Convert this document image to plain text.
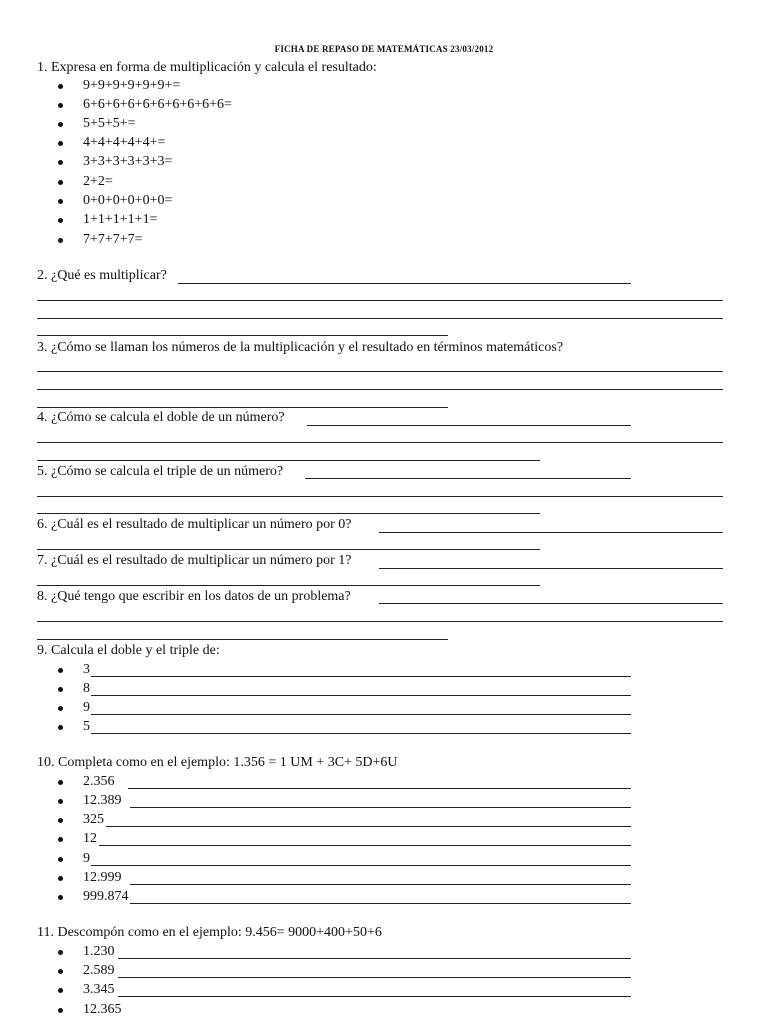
FICHA DE REPASO DE MATEMÁTICAS 23/03/2012
1. Expresa en forma de multiplicación y calcula el resultado:
9+9+9+9+9+9+=
6+6+6+6+6+6+6+6+6+6=
5+5+5+=
4+4+4+4+4+=
3+3+3+3+3+3=
2+2=
0+0+0+0+0+0=
1+1+1+1+1=
7+7+7+7=
2. ¿Qué es multiplicar?
3. ¿Cómo se llaman los números de la multiplicación y el resultado en términos matemáticos?
4. ¿Cómo se calcula el doble de un número?
5. ¿Cómo se calcula el triple de un número?
6. ¿Cuál es el resultado de multiplicar un número por 0?
7. ¿Cuál es el resultado de multiplicar un número por 1?
8. ¿Qué tengo que escribir en los datos de un problema?
9. Calcula el doble y el triple de:
3
8
9
5
10. Completa como en el ejemplo: 1.356 = 1 UM + 3C+ 5D+6U
2.356
12.389
325
12
9
12.999
999.874
11. Descompón como en el ejemplo: 9.456= 9000+400+50+6
1.230
2.589
3.345
12.365
